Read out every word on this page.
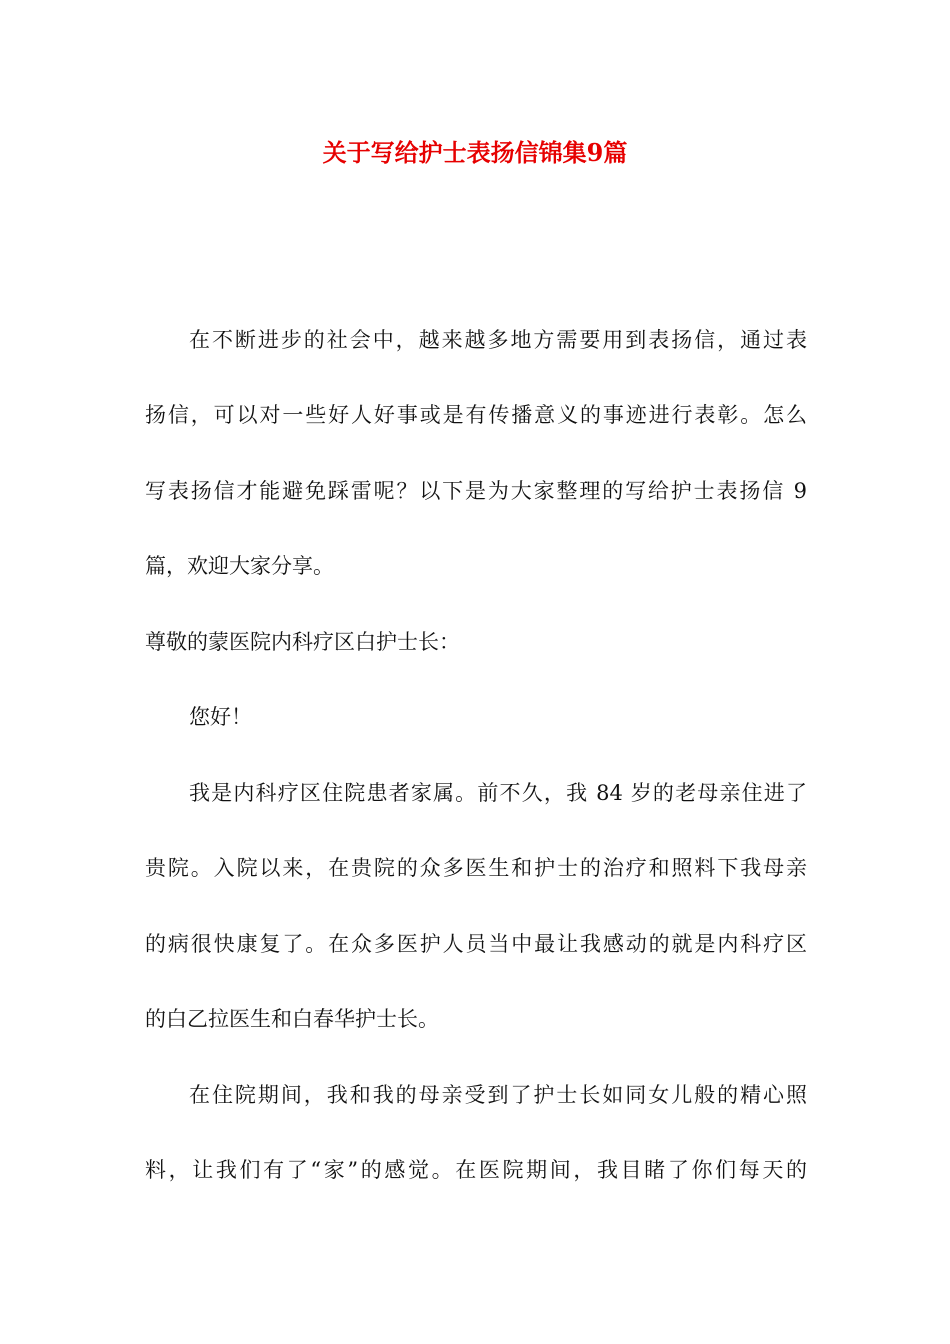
关于写给护士表扬信锦集9篇
在不断进步的社会中，越来越多地方需要用到表扬信，通过表
扬信，可以对一些好人好事或是有传播意义的事迹进行表彰。怎么
写表扬信才能避免踩雷呢？以下是为大家整理的写给护士表扬信 9
篇，欢迎大家分享。
尊敬的蒙医院内科疗区白护士长：
您好！
我是内科疗区住院患者家属。前不久，我 84 岁的老母亲住进了
贵院。入院以来，在贵院的众多医生和护士的治疗和照料下我母亲
的病很快康复了。在众多医护人员当中最让我感动的就是内科疗区
的白乙拉医生和白春华护士长。
在住院期间，我和我的母亲受到了护士长如同女儿般的精心照
料，让我们有了“家”的感觉。在医院期间，我目睹了你们每天的
